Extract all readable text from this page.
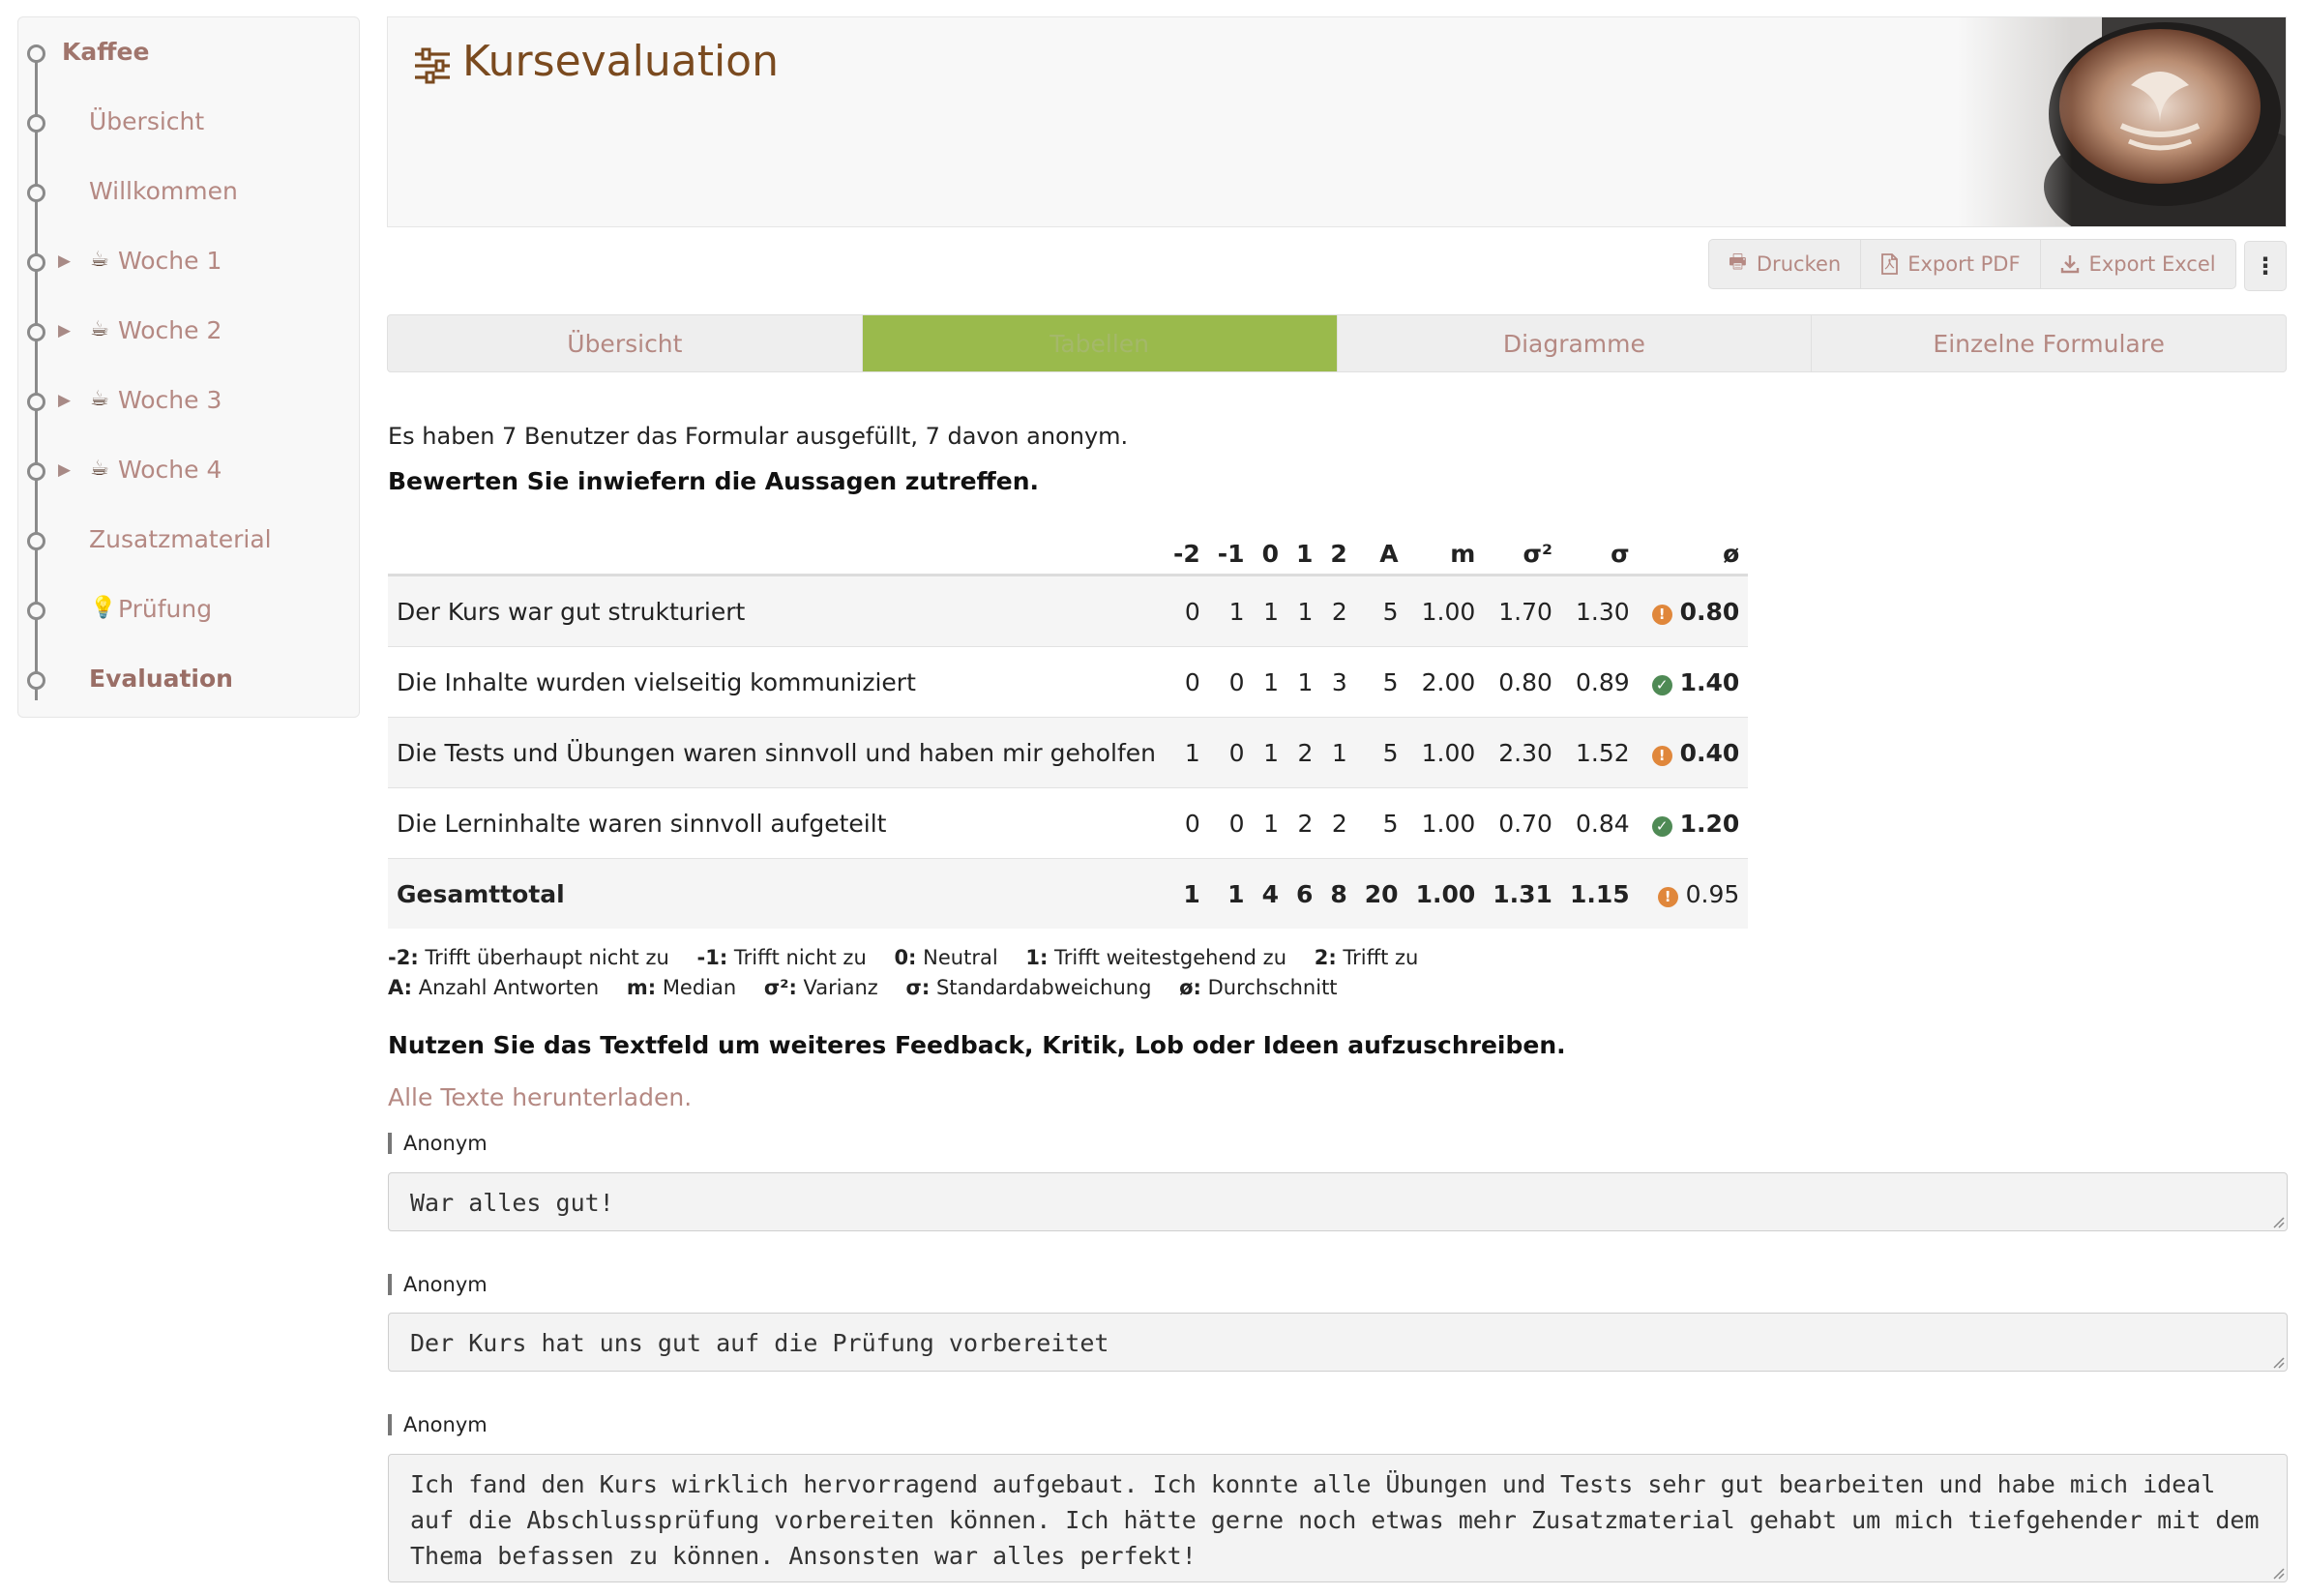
Kaffee
Übersicht
Willkommen
▶ ☕ Woche 1
▶ ☕ Woche 2
▶ ☕ Woche 3
▶ ☕ Woche 4
Zusatzmaterial
💡 Prüfung
Evaluation
Kursevaluation
🖶 Drucken	Export PDF	Export Excel ⋮
Übersicht	Tabellen	Diagramme	Einzelne Formulare
Es haben 7 Benutzer das Formular ausgefüllt, 7 davon anonym.
Bewerten Sie inwiefern die Aussagen zutreffen.
	-2	-1	0	1	2	A	m	σ²	σ	ø
Der Kurs war gut strukturiert	0	1	1	1	2	5	1.00	1.70	1.30	! 0.80
Die Inhalte wurden vielseitig kommuniziert	0	0	1	1	3	5	2.00	0.80	0.89	✓ 1.40
Die Tests und Übungen waren sinnvoll und haben mir geholfen	1	0	1	2	1	5	1.00	2.30	1.52	! 0.40
Die Lerninhalte waren sinnvoll aufgeteilt	0	0	1	2	2	5	1.00	0.70	0.84	✓ 1.20
Gesamttotal	1	1	4	6	8	20	1.00	1.31	1.15	! 0.95
-2: Trifft überhaupt nicht zu -1: Trifft nicht zu 0: Neutral 1: Trifft weitestgehend zu 2: Trifft zu
A: Anzahl Antworten m: Median σ²: Varianz σ: Standardabweichung ø: Durchschnitt
Nutzen Sie das Textfeld um weiteres Feedback, Kritik, Lob oder Ideen aufzuschreiben.
Alle Texte herunterladen.
Anonym
War alles gut!
Anonym
Der Kurs hat uns gut auf die Prüfung vorbereitet
Anonym
Ich fand den Kurs wirklich hervorragend aufgebaut. Ich konnte alle Übungen und Tests sehr gut bearbeiten und habe mich ideal auf die Abschlussprüfung vorbereiten können. Ich hätte gerne noch etwas mehr Zusatzmaterial gehabt um mich tiefgehender mit dem Thema befassen zu können. Ansonsten war alles perfekt!
